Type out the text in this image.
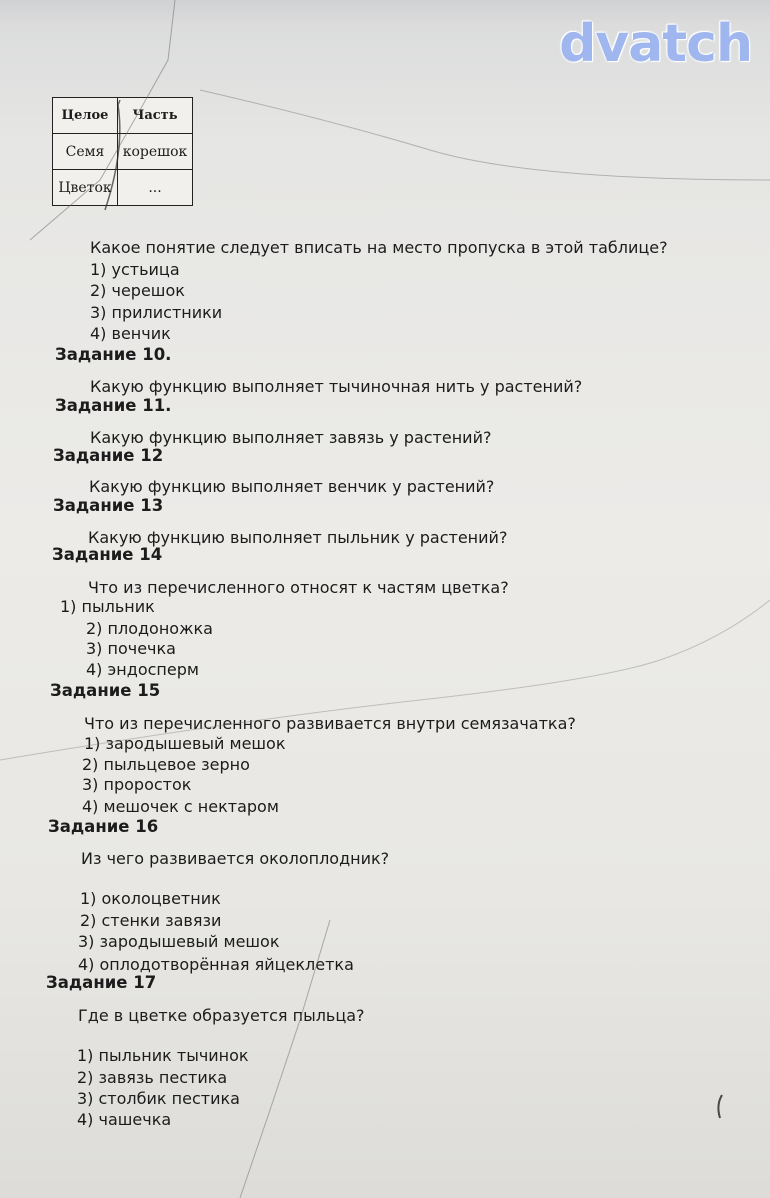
dvatch
Целое	Часть
Семя	корешок
Цветок	...
Какое понятие следует вписать на место пропуска в этой таблице?
1) устьица
2) черешок
3) прилистники
4) венчик
Задание 10.
Какую функцию выполняет тычиночная нить у растений?
Задание 11.
Какую функцию выполняет завязь у растений?
Задание 12
Какую функцию выполняет венчик у растений?
Задание 13
Какую функцию выполняет пыльник у растений?
Задание 14
Что из перечисленного относят к частям цветка?
1) пыльник
2) плодоножка
3) почечка
4) эндосперм
Задание 15
Что из перечисленного развивается внутри семязачатка?
1) зародышевый мешок
2) пыльцевое зерно
3) проросток
4) мешочек с нектаром
Задание 16
Из чего развивается околоплодник?
1) околоцветник
2) стенки завязи
3) зародышевый мешок
4) оплодотворённая яйцеклетка
Задание 17
Где в цветке образуется пыльца?
1) пыльник тычинок
2) завязь пестика
3) столбик пестика
4) чашечка
